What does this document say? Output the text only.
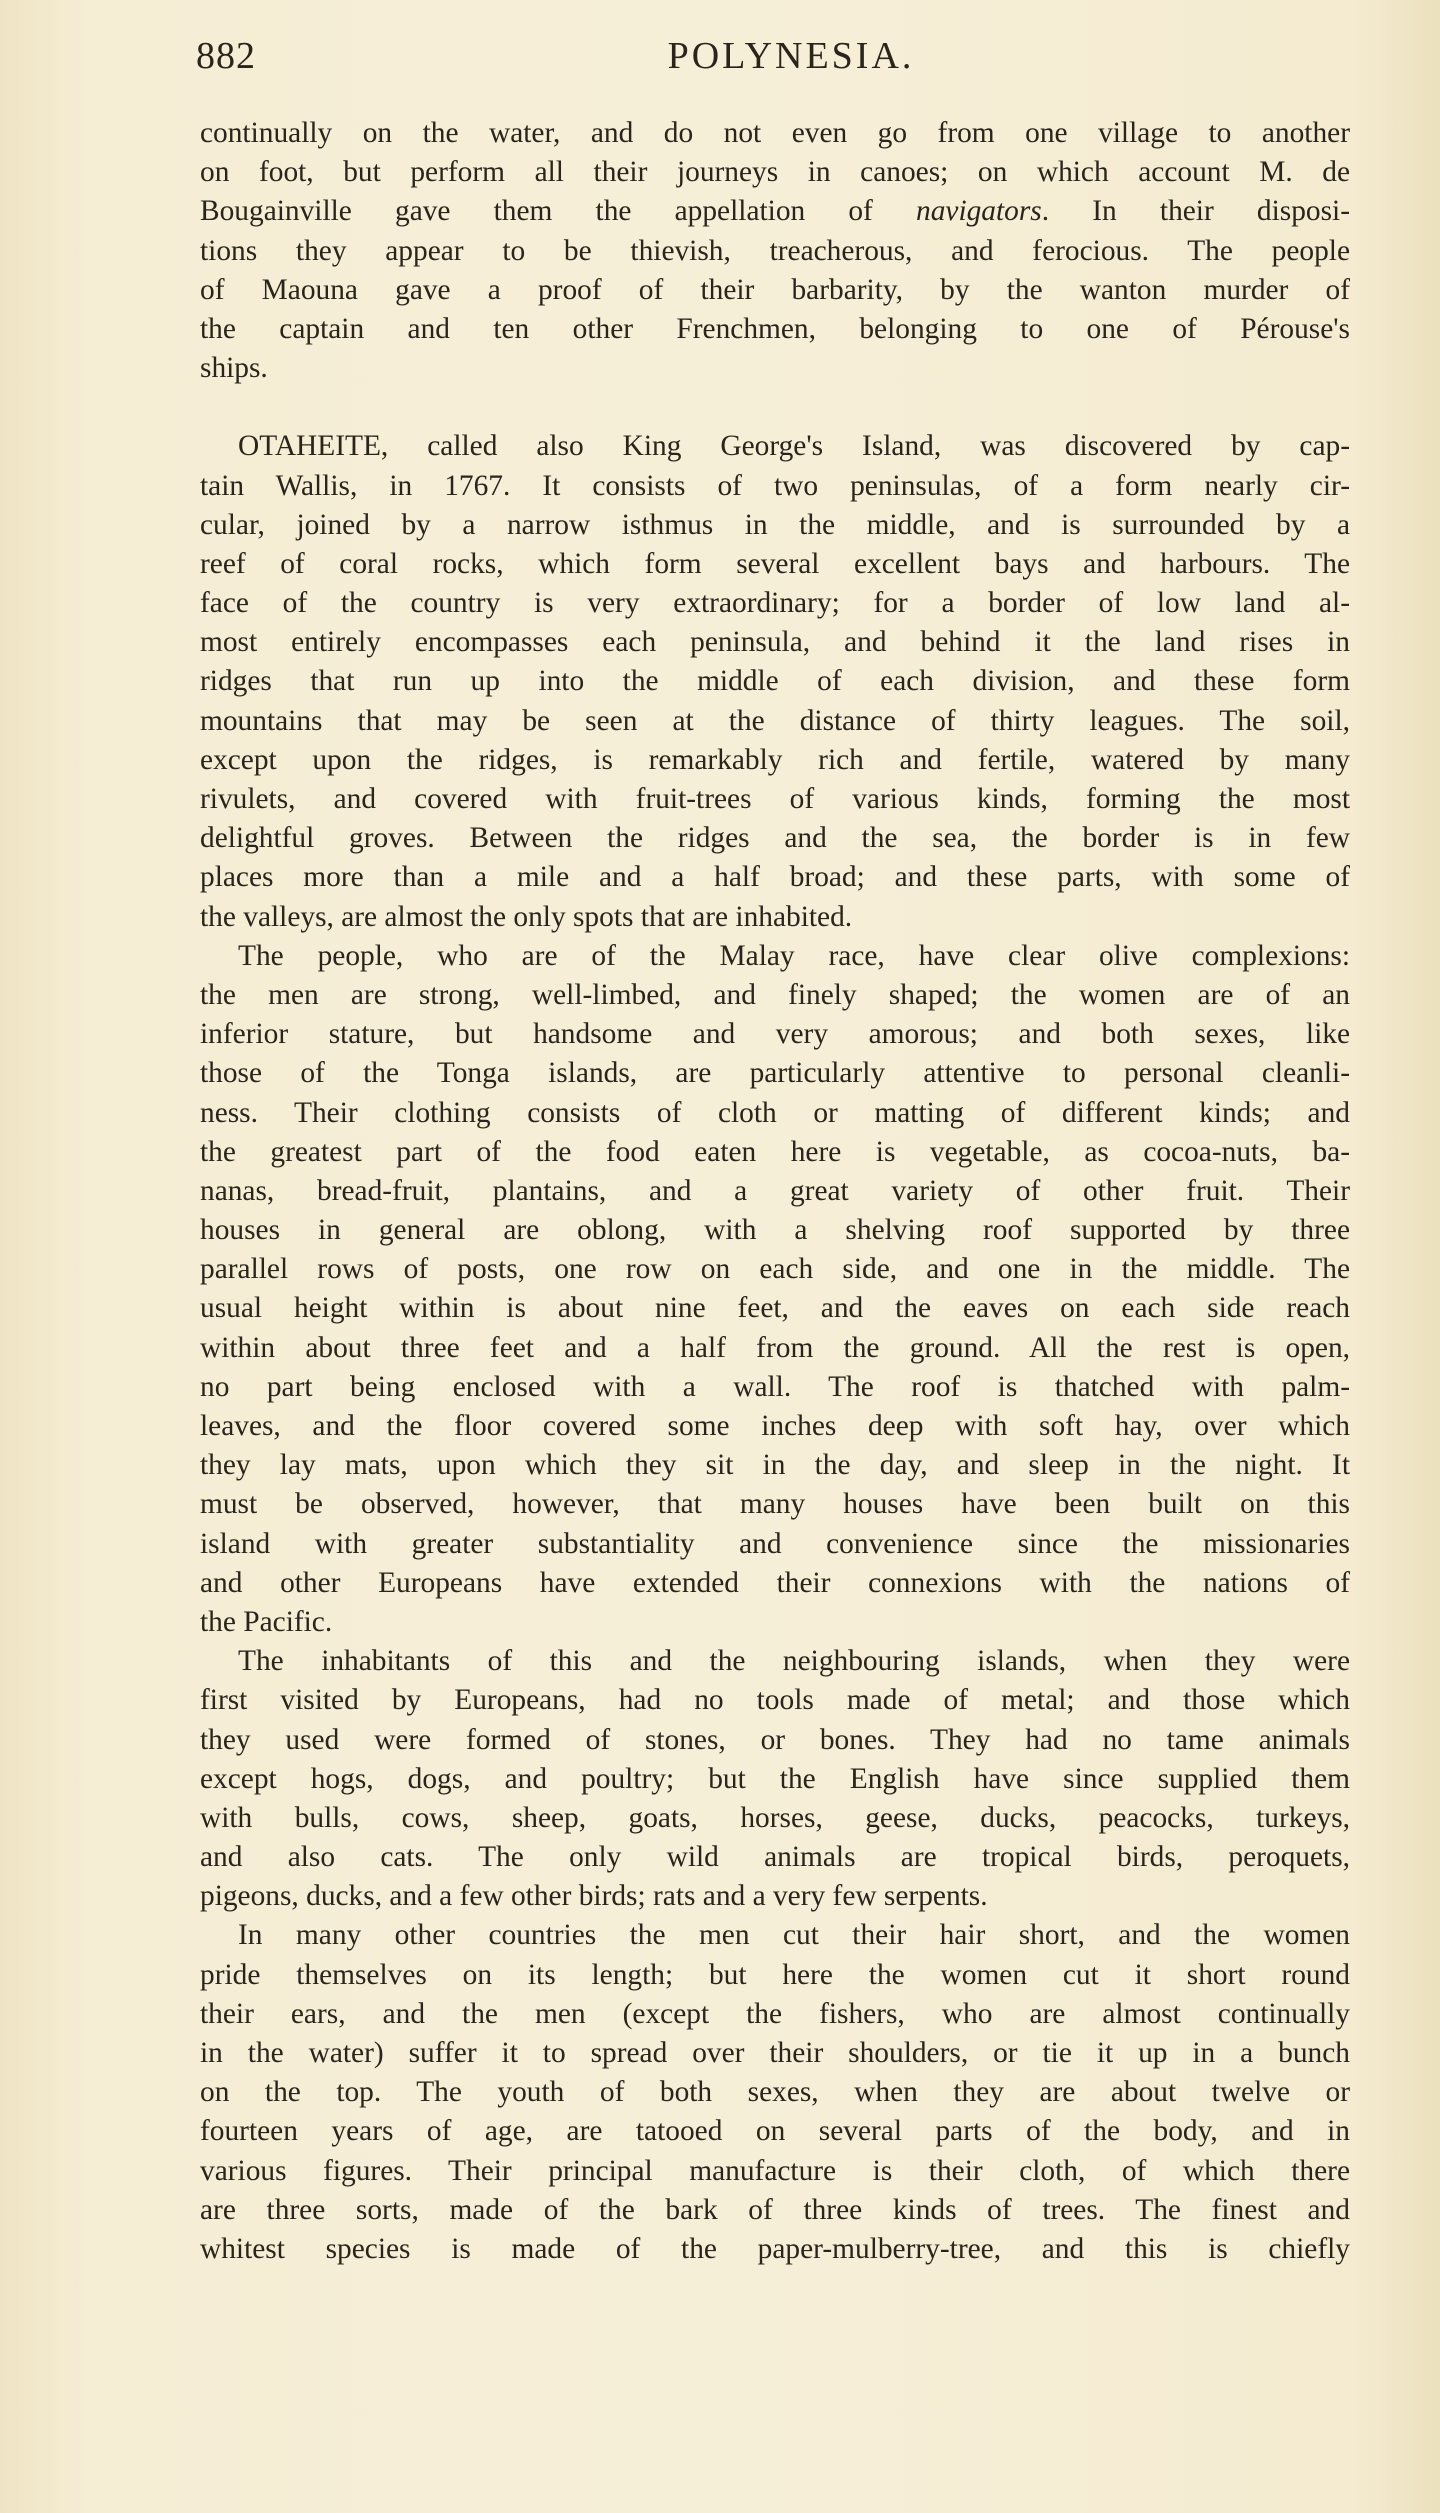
882	POLYNESIA.
continually on the water, and do not even go from one village to another
on foot, but perform all their journeys in canoes; on which account M. de
Bougainville gave them the appellation of navigators. In their disposi-
tions they appear to be thievish, treacherous, and ferocious. The people
of Maouna gave a proof of their barbarity, by the wanton murder of
the captain and ten other Frenchmen, belonging to one of Pérouse's
ships.
OTAHEITE, called also King George's Island, was discovered by cap-
tain Wallis, in 1767. It consists of two peninsulas, of a form nearly cir-
cular, joined by a narrow isthmus in the middle, and is surrounded by a
reef of coral rocks, which form several excellent bays and harbours. The
face of the country is very extraordinary; for a border of low land al-
most entirely encompasses each peninsula, and behind it the land rises in
ridges that run up into the middle of each division, and these form
mountains that may be seen at the distance of thirty leagues. The soil,
except upon the ridges, is remarkably rich and fertile, watered by many
rivulets, and covered with fruit-trees of various kinds, forming the most
delightful groves. Between the ridges and the sea, the border is in few
places more than a mile and a half broad; and these parts, with some of
the valleys, are almost the only spots that are inhabited.
The people, who are of the Malay race, have clear olive complexions:
the men are strong, well-limbed, and finely shaped; the women are of an
inferior stature, but handsome and very amorous; and both sexes, like
those of the Tonga islands, are particularly attentive to personal cleanli-
ness. Their clothing consists of cloth or matting of different kinds; and
the greatest part of the food eaten here is vegetable, as cocoa-nuts, ba-
nanas, bread-fruit, plantains, and a great variety of other fruit. Their
houses in general are oblong, with a shelving roof supported by three
parallel rows of posts, one row on each side, and one in the middle. The
usual height within is about nine feet, and the eaves on each side reach
within about three feet and a half from the ground. All the rest is open,
no part being enclosed with a wall. The roof is thatched with palm-
leaves, and the floor covered some inches deep with soft hay, over which
they lay mats, upon which they sit in the day, and sleep in the night. It
must be observed, however, that many houses have been built on this
island with greater substantiality and convenience since the missionaries
and other Europeans have extended their connexions with the nations of
the Pacific.
The inhabitants of this and the neighbouring islands, when they were
first visited by Europeans, had no tools made of metal; and those which
they used were formed of stones, or bones. They had no tame animals
except hogs, dogs, and poultry; but the English have since supplied them
with bulls, cows, sheep, goats, horses, geese, ducks, peacocks, turkeys,
and also cats. The only wild animals are tropical birds, peroquets,
pigeons, ducks, and a few other birds; rats and a very few serpents.
In many other countries the men cut their hair short, and the women
pride themselves on its length; but here the women cut it short round
their ears, and the men (except the fishers, who are almost continually
in the water) suffer it to spread over their shoulders, or tie it up in a bunch
on the top. The youth of both sexes, when they are about twelve or
fourteen years of age, are tatooed on several parts of the body, and in
various figures. Their principal manufacture is their cloth, of which there
are three sorts, made of the bark of three kinds of trees. The finest and
whitest species is made of the paper-mulberry-tree, and this is chiefly
